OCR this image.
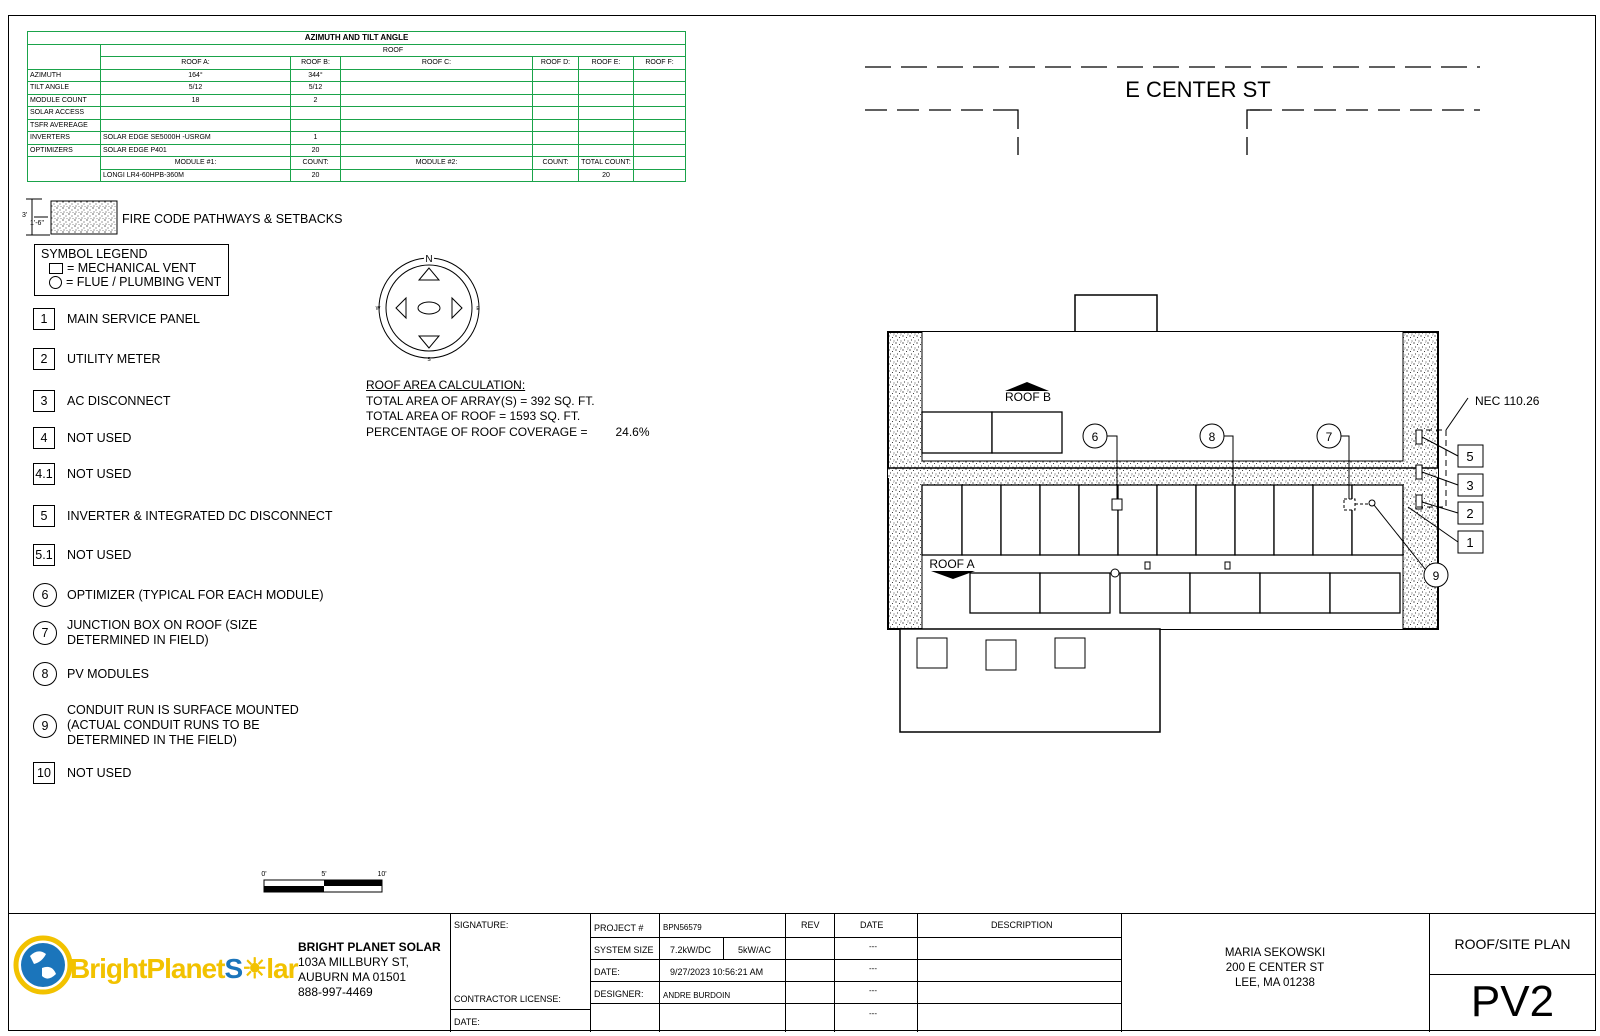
AZIMUTH AND TILT ANGLE						
	ROOF					
	ROOF A:	ROOF B:	ROOF C:	ROOF D:	ROOF E:	ROOF F:
AZIMUTH	164°	344°				
TILT ANGLE	5/12	5/12				
MODULE COUNT	18	2				
SOLAR ACCESS						
TSFR AVEREAGE						
INVERTERS	SOLAR EDGE SE5000H -USRGM	1				
OPTIMIZERS	SOLAR EDGE P401	20				
	MODULE #1:	COUNT:	MODULE #2:	COUNT:	TOTAL COUNT:	
	LONGI LR4-60HPB-360M	20			20	
3'
1'-6"	FIRE CODE PATHWAYS & SETBACKS
SYMBOL LEGEND
= MECHANICAL VENT
= FLUE / PLUMBING VENT
1	MAIN SERVICE PANEL
2	UTILITY METER
3	AC DISCONNECT
4	NOT USED
4.1 NOT USED
5	INVERTER & INTEGRATED DC DISCONNECT
5.1 NOT USED
6	OPTIMIZER (TYPICAL FOR EACH MODULE)
7
JUNCTION BOX ON ROOF (SIZE
DETERMINED IN FIELD)
8	PV MODULES
9
CONDUIT RUN IS SURFACE MOUNTED
(ACTUAL CONDUIT RUNS TO BE
DETERMINED IN THE FIELD)
10	NOT USED
N
S
E
W
ROOF AREA CALCULATION:
TOTAL AREA OF ARRAY(S) = 392 SQ. FT.
TOTAL AREA OF ROOF = 1593 SQ. FT.
PERCENTAGE OF ROOF COVERAGE = 24.6%
0'	5'	10'
E CENTER ST
ROOF B
ROOF A
6	8	7
9
NEC 110.26
5
3
2
1
BrightPlanetS☀lar
BRIGHT PLANET SOLAR
103A MILLBURY ST,
AUBURN MA 01501
888-997-4469
SIGNATURE:
CONTRACTOR LICENSE:
DATE:
PROJECT # BPN56579
SYSTEM SIZE 7.2kW/DC	5kW/AC
DATE:	9/27/2023 10:56:21 AM
DESIGNER: ANDRE BURDOIN
REV	DATE	DESCRIPTION
---
---
---
---
MARIA SEKOWSKI
200 E CENTER ST
LEE, MA 01238
ROOF/SITE PLAN
PV2
